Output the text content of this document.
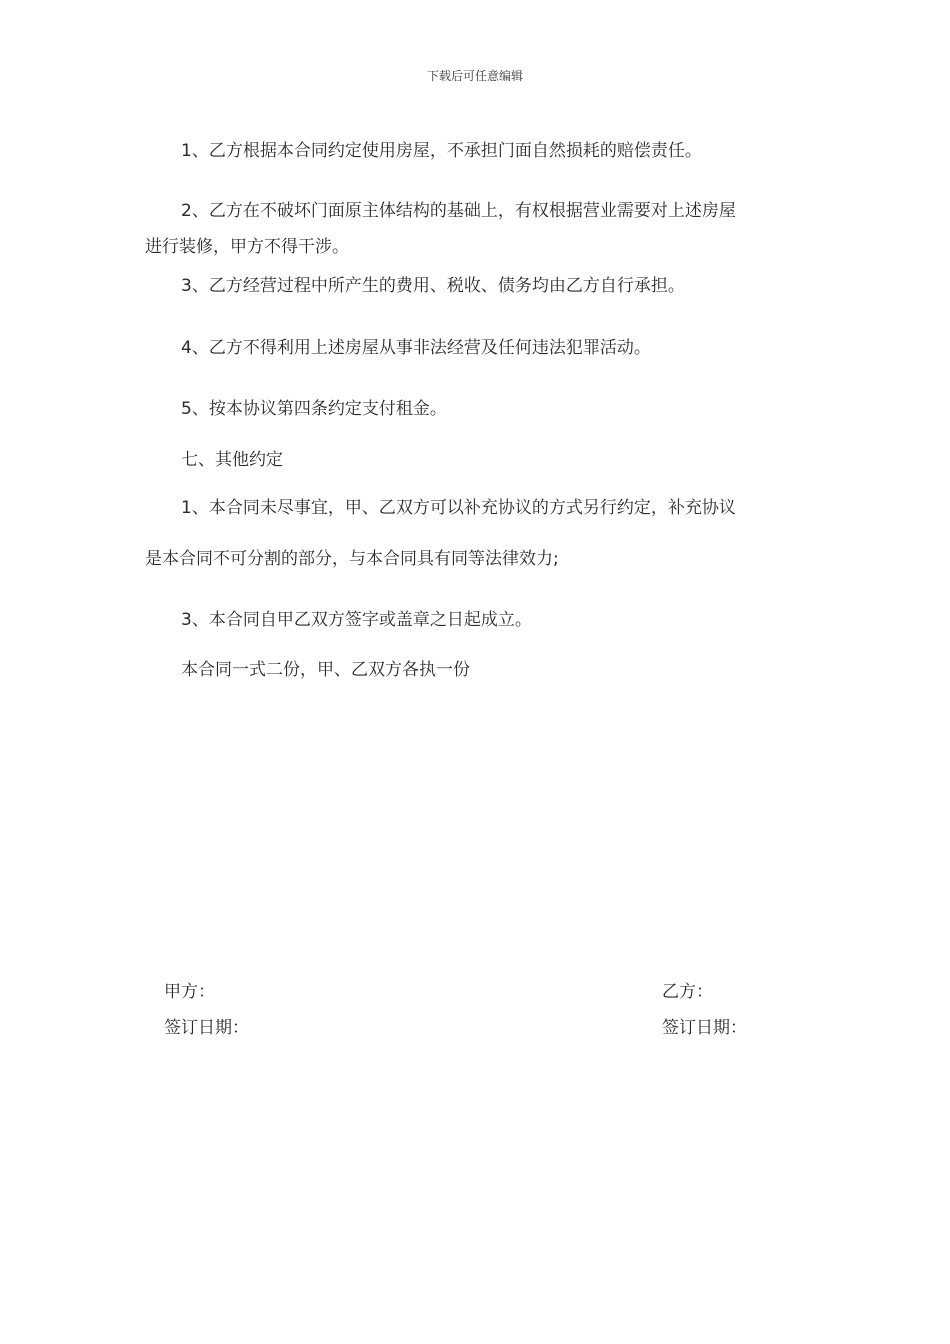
下载后可任意编辑
1、乙方根据本合同约定使用房屋，不承担门面自然损耗的赔偿责任。
2、乙方在不破坏门面原主体结构的基础上，有权根据营业需要对上述房屋
进行装修，甲方不得干涉。
3、乙方经营过程中所产生的费用、税收、债务均由乙方自行承担。
4、乙方不得利用上述房屋从事非法经营及任何违法犯罪活动。
5、按本协议第四条约定支付租金。
七、其他约定
1、本合同未尽事宜，甲、乙双方可以补充协议的方式另行约定，补充协议
是本合同不可分割的部分，与本合同具有同等法律效力;
3、本合同自甲乙双方签字或盖章之日起成立。
本合同一式二份，甲、乙双方各执一份
甲方：
签订日期：
乙方：
签订日期：
